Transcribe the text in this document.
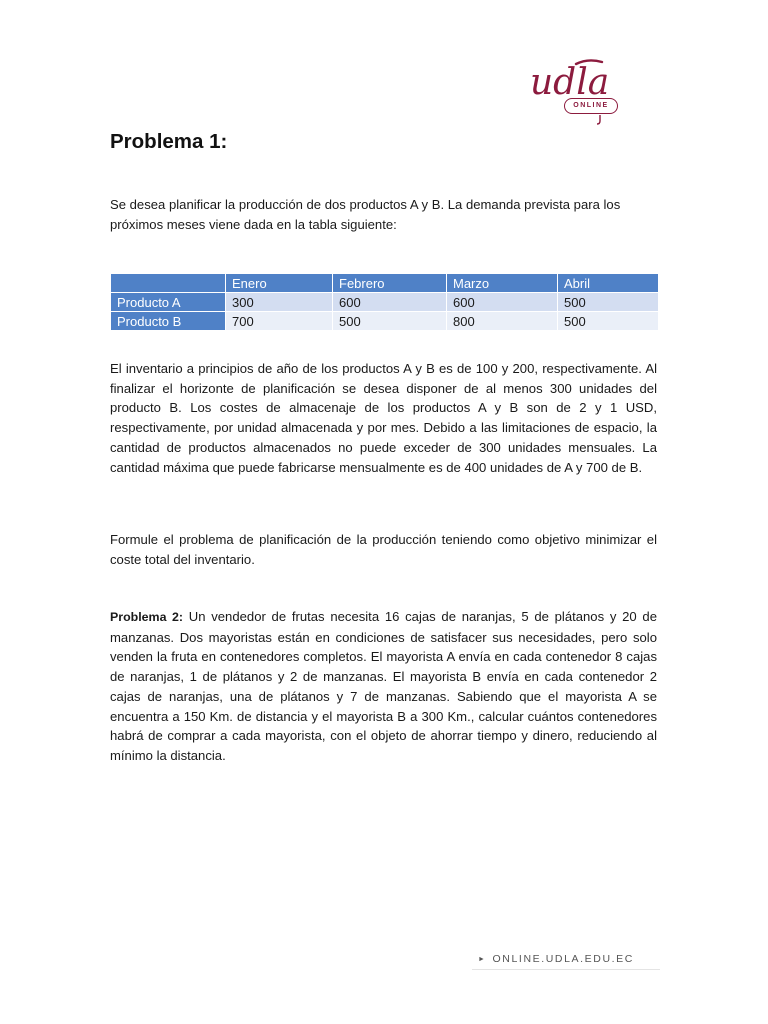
udla
ONLINE
Problema 1:

Se desea planificar la producción de dos productos A y B. La demanda prevista para los próximos meses viene dada en la tabla siguiente:

	Enero	Febrero	Marzo	Abril
Producto A	300	600	600	500
Producto B	700	500	800	500

El inventario a principios de año de los productos A y B es de 100 y 200, respectivamente. Al finalizar el horizonte de planificación se desea disponer de al menos 300 unidades del producto B. Los costes de almacenaje de los productos A y B son de 2 y 1 USD, respectivamente, por unidad almacenada y por mes. Debido a las limitaciones de espacio, la cantidad de productos almacenados no puede exceder de 300 unidades mensuales. La cantidad máxima que puede fabricarse mensualmente es de 400 unidades de A y 700 de B.

Formule el problema de planificación de la producción teniendo como objetivo minimizar el coste total del inventario.

Problema 2: Un vendedor de frutas necesita 16 cajas de naranjas, 5 de plátanos y 20 de manzanas. Dos mayoristas están en condiciones de satisfacer sus necesidades, pero solo venden la fruta en contenedores completos. El mayorista A envía en cada contenedor 8 cajas de naranjas, 1 de plátanos y 2 de manzanas. El mayorista B envía en cada contenedor 2 cajas de naranjas, una de plátanos y 7 de manzanas. Sabiendo que el mayorista A se encuentra a 150 Km. de distancia y el mayorista B a 300 Km., calcular cuántos contenedores habrá de comprar a cada mayorista, con el objeto de ahorrar tiempo y dinero, reduciendo al mínimo la distancia.

► ONLINE.UDLA.EDU.EC
